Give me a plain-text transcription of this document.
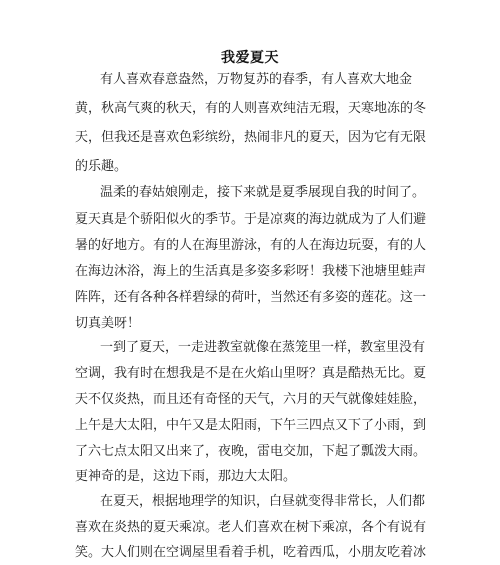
我爱夏天
有人喜欢春意盎然，万物复苏的春季，有人喜欢大地金
黄，秋高气爽的秋天，有的人则喜欢纯洁无瑕，天寒地冻的冬
天，但我还是喜欢色彩缤纷，热闹非凡的夏天，因为它有无限
的乐趣。
温柔的春姑娘刚走，接下来就是夏季展现自我的时间了。
夏天真是个骄阳似火的季节。于是凉爽的海边就成为了人们避
暑的好地方。有的人在海里游泳，有的人在海边玩耍，有的人
在海边沐浴，海上的生活真是多姿多彩呀！我楼下池塘里蛙声
阵阵，还有各种各样碧绿的荷叶，当然还有多姿的莲花。这一
切真美呀！
一到了夏天，一走进教室就像在蒸笼里一样，教室里没有
空调，我有时在想我是不是在火焰山里呀？真是酷热无比。夏
天不仅炎热，而且还有奇怪的天气，六月的天气就像娃娃脸，
上午是大太阳，中午又是太阳雨，下午三四点又下了小雨，到
了六七点太阳又出来了，夜晚，雷电交加，下起了瓢泼大雨。
更神奇的是，这边下雨，那边大太阳。
在夏天，根据地理学的知识，白昼就变得非常长，人们都
喜欢在炎热的夏天乘凉。老人们喜欢在树下乘凉，各个有说有
笑。大人们则在空调屋里看着手机，吃着西瓜，小朋友吃着冰
